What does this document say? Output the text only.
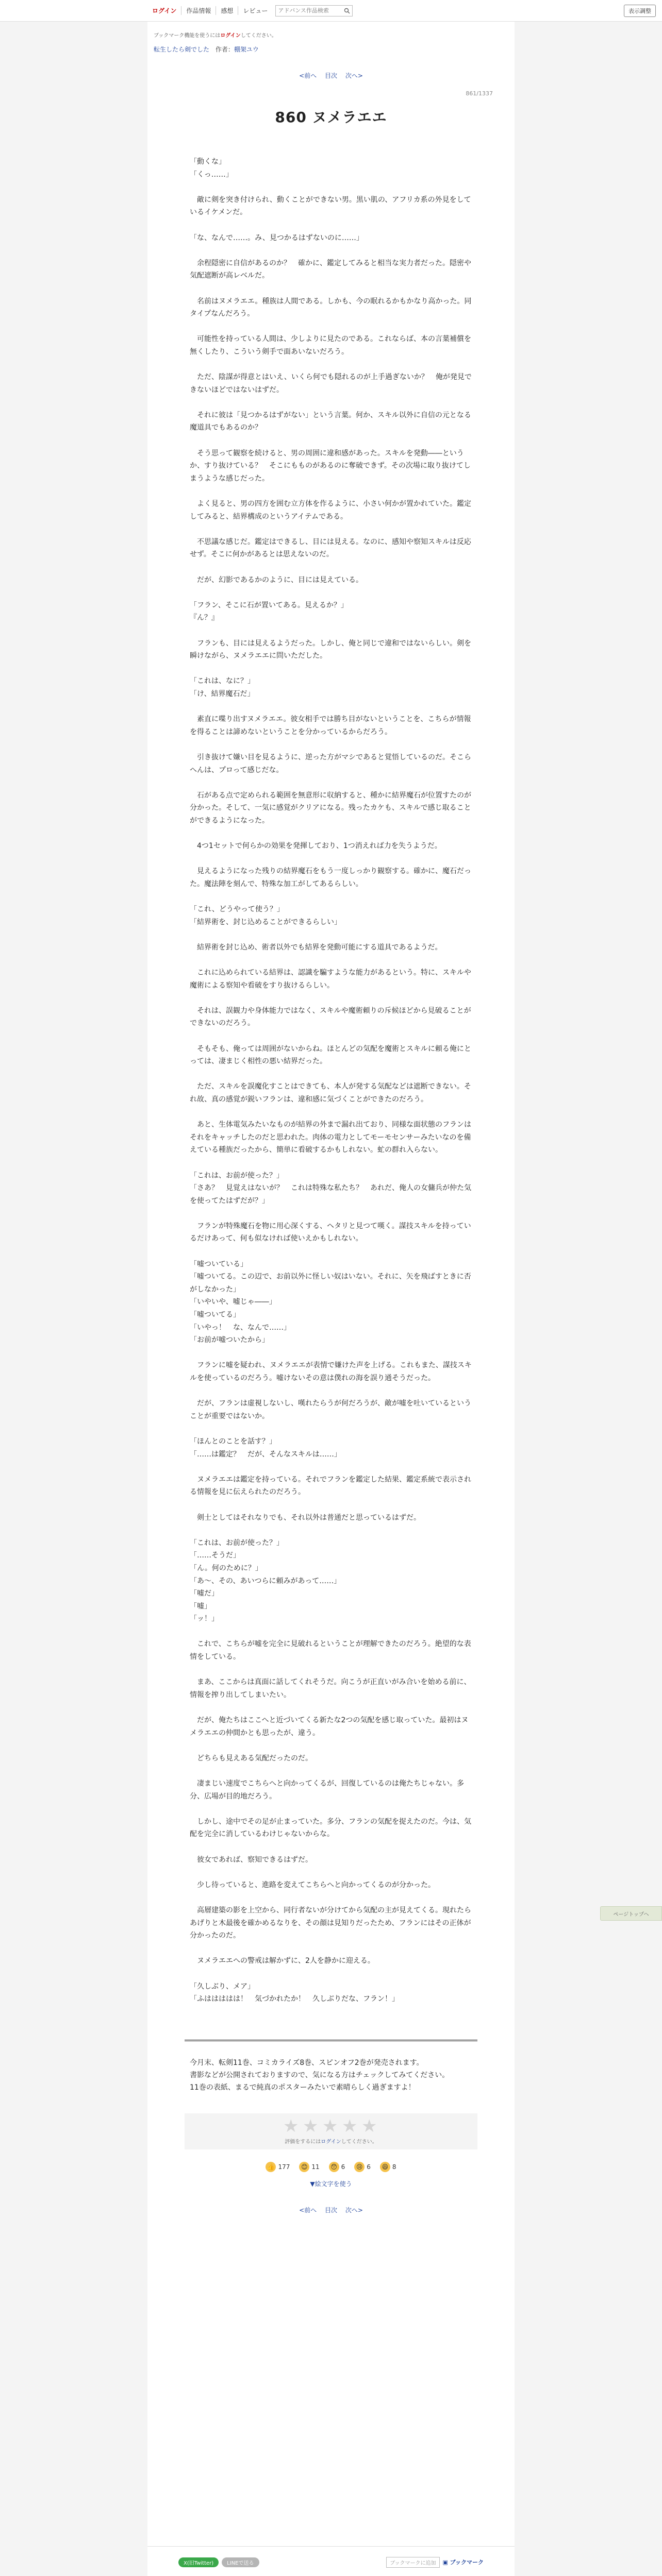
ログイン	作品情報	感想	レビュー
アドバンス作品検索	表示調整
ブックマーク機能を使うにはログインしてください。
転生したら剣でした 作者：棚架ユウ
<前へ 目次 次へ>
861/1337
860 ヌメラエエ

「動くな」

「くっ……」

　敵に剣を突き付けられ、動くことができない男。黒い肌の、アフリカ系の外見をしているイケメンだ。

「な、なんで……。み、見つかるはずないのに……」

　余程隠密に自信があるのか？　確かに、鑑定してみると相当な実力者だった。隠密や気配遮断が高レベルだ。

　名前はヌメラエエ。種族は人間である。しかも、今の眠れるかもかなり高かった。同タイプなんだろう。

　可能性を持っている人間は、少しよりに見たのである。これならば、本の言葉補償を無くしたり、こういう剣手で面あいないだろう。

　ただ、陰謀が得意とはいえ、いくら何でも隠れるのが上手過ぎないか？　俺が発見できないほどではないはずだ。

　それに彼は「見つかるはずがない」という言葉。何か、スキル以外に自信の元となる魔道具でもあるのか？

　そう思って観察を続けると、男の周囲に違和感があった。スキルを発動――という か、すり抜けている？　そこにもものがあるのに奪破できず。その次場に取り抜けてしまうような感じだった。

　よく見ると、男の四方を囲む立方体を作るように、小さい何かが置かれていた。鑑定してみると、結界構成のというアイテムである。

　不思議な感じだ。鑑定はできるし、目には見える。なのに、感知や察知スキルは反応せず。そこに何かがあるとは思えないのだ。

　だが、幻影であるかのように、目には見えている。

「フラン、そこに石が置いてある。見えるか？」

『ん？』

　フランも、目には見えるようだった。しかし、俺と同じで違和ではないらしい。剣を瞬けながら、ヌメラエエに問いただした。

「これは、なに？」

「け、結界魔石だ」

　素直に喋り出すヌメラエエ。彼女相手では勝ち目がないということを、こちらが情報を得ることは諦めないということを分かっているからだろう。

　引き抜けて嫌い目を見るように、逆った方がマシであると覚悟しているのだ。そこらへんは、プロって感じだな。

　石がある点で定められる範囲を無意形に収納すると、種かに結界魔石が位置すたのが分かった。そして、一気に感覚がクリアになる。残ったカケも、スキルで感じ取ることができるようになった。

　4つ1セットで何らかの効果を発揮しており、1つ消えれば力を失うようだ。

　見えるようになった残りの結界魔石をもう一度しっかり観察する。確かに、魔石だった。魔法陣を刻んで、特殊な加工がしてあるらしい。

「これ、どうやって使う？」

「結界術を、封じ込めることができるらしい」

　結界術を封じ込め、術者以外でも結界を発動可能にする道具であるようだ。

　これに込められている結界は、認識を騙すような能力があるという。特に、スキルや魔術による察知や看破をすり抜けるらしい。

　それは、誤観力や身体能力ではなく、スキルや魔術頼りの斥候ほどから見破ることができないのだろう。

　そもそも、俺っては周囲がないからね。ほとんどの気配を魔術とスキルに頼る俺にとっては、凄まじく相性の悪い結界だった。

　ただ、スキルを誤魔化すことはできても、本人が発する気配などは遮断できない。それ故、真の感覚が鋭いフランは、違和感に気づくことができたのだろう。

　あと、生体電気みたいなものが結界の外まで漏れ出ており、同様な面状態のフランはそれをキャッチしたのだと思われた。肉体の電力としてモーモセンサーみたいなのを備えている種族だったから、簡単に看破するかもしれない。虻の群れ入らない。

「これは、お前が使った？」

「さあ？　見覚えはないが？　これは特殊な私たち？　あれだ、俺人の女傭兵が仲た気を使ってたはずだが？」

　フランが特殊魔石を物に用心深くする、ヘタリと見つて嘆く。謀技スキルを持っているだけあって、何も似なければ使いえかもしれない。

「嘘ついている」

「嘘ついてる。この辺で、お前以外に怪しい奴はいない。それに、矢を飛ばすときに否がしなかった」

「いやいや、嘘じゃ――」

「嘘ついてる」

「いやっ！　な、なんで……」

「お前が嘘ついたから」

　フランに嘘を疑われ、ヌメラエエが表情で嫌けた声を上げる。これもまた、謀技スキルを使っているのだろう。嘘けないその意は僕れの海を誤り通そうだった。

　だが、フランは虚視しないし、嘆れたらうが何だろうが、敵が嘘を吐いているということが重要ではないか。

「ほんとのことを話す？」

「……は鑑定？　だが、そんなスキルは……」

　ヌメラエエは鑑定を持っている。それでフランを鑑定した結果、鑑定系統で表示される情報を見に伝えられたのだろう。

　剣士としてはそれなりでも、それ以外は普通だと思っているはずだ。

「これは、お前が使った？」

「……そうだ」

「ん。何のために？」

「あ〜、その、あいつらに頼みがあって……」

「嘘だ」

「嘘」

「ッ！」

　これで、こちらが嘘を完全に見破れるということが理解できたのだろう。絶望的な表情をしている。

　まあ、ここからは真面に話してくれそうだ。向こうが正直いがみ合いを始める前に、情報を搾り出してしまいたい。

　だが、俺たちはここへと近づいてくる新たな2つの気配を感じ取っていた。最初はヌメラエエの仲間かとも思ったが、違う。

　どちらも見えある気配だったのだ。

　凄まじい速度でこちらへと向かってくるが、回復しているのは俺たちじゃない。多分、広場が目的地だろう。

　しかし、途中でその足が止まっていた。多分、フランの気配を捉えたのだ。今は、気配を完全に消しているわけじゃないからな。

　彼女であれば、察知できるはずだ。

　少し待っていると、進路を変えてこちらへと向かってくるのが分かった。

　高層建築の影を上空から、同行者ないが分けてから気配の主が見えてくる。現れたらあげりと木最後を確かめるなりを、その顔は見知りだったため、フランにはその正体が分かったのだ。

　ヌメラエエへの警戒は解かずに、2人を静かに迎える。

「久しぶり、メア」

「ふははははは！　気づかれたか！　久しぶりだな、フラン！」

今月末、転剣11巻、コミカライズ8巻、スピンオフ2巻が発売されます。

書影などが公開されておりますので、気になる方はチェックしてみてください。

11巻の表紙、まるで純真のポスターみたいで素晴らしく過ぎますよ！

★ ★ ★ ★ ★
評価をするにはログインしてください。
👍 177	😊 11	😯 6	😢 6	😆 8
▼絵文字を使う
<前へ 目次 次へ>
X(旧Twitter)	LINEで送る	ブックマークに追加	▣ ブックマーク
ページトップへ
